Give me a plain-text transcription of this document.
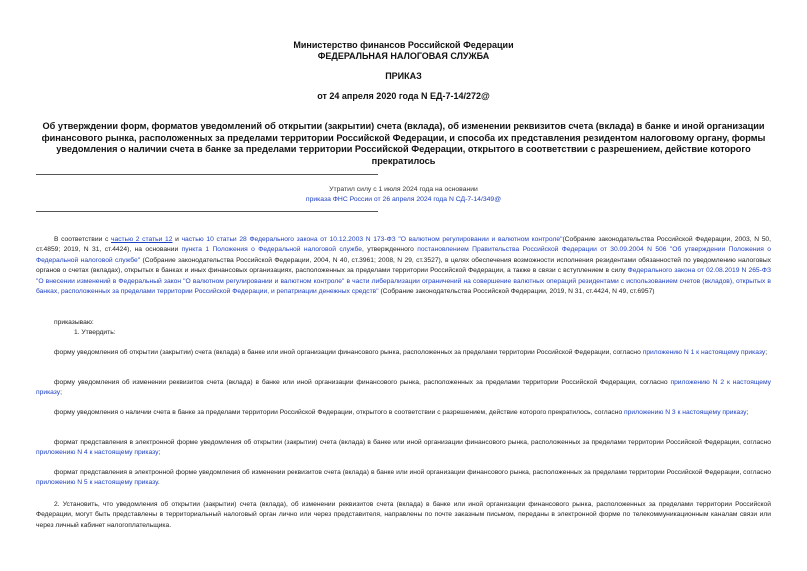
Министерство финансов Российской Федерации
ФЕДЕРАЛЬНАЯ НАЛОГОВАЯ СЛУЖБА
ПРИКАЗ
от 24 апреля 2020 года N ЕД-7-14/272@
Об утверждении форм, форматов уведомлений об открытии (закрытии) счета (вклада), об изменении реквизитов счета (вклада) в банке и иной организации финансового рынка, расположенных за пределами территории Российской Федерации, и способа их представления резидентом налоговому органу, формы уведомления о наличии счета в банке за пределами территории Российской Федерации, открытого в соответствии с разрешением, действие которого прекратилось
Утратил силу с 1 июля 2024 года на основании
приказа ФНС России от 26 апреля 2024 года N СД-7-14/349@
В соответствии с частью 2 статьи 12 и частью 10 статьи 28 Федерального закона от 10.12.2003 N 173-ФЗ "О валютном регулировании и валютном контроле"(Собрание законодательства Российской Федерации, 2003, N 50, ст.4859; 2019, N 31, ст.4424), на основании пункта 1 Положения о Федеральной налоговой службе, утвержденного постановлением Правительства Российской Федерации от 30.09.2004 N 506 "Об утверждении Положения о Федеральной налоговой службе" (Собрание законодательства Российской Федерации, 2004, N 40, ст.3961; 2008, N 29, ст.3527), в целях обеспечения возможности исполнения резидентами обязанностей по уведомлению налоговых органов о счетах (вкладах), открытых в банках и иных финансовых организациях, расположенных за пределами территории Российской Федерации, а также в связи с вступлением в силу Федерального закона от 02.08.2019 N 265-ФЗ "О внесении изменений в Федеральный закон "О валютном регулировании и валютном контроле" в части либерализации ограничений на совершение валютных операций резидентами с использованием счетов (вкладов), открытых в банках, расположенных за пределами территории Российской Федерации, и репатриации денежных средств" (Собрание законодательства Российской Федерации, 2019, N 31, ст.4424, N 49, ст.6957)
приказываю:
1. Утвердить:
форму уведомления об открытии (закрытии) счета (вклада) в банке или иной организации финансового рынка, расположенных за пределами территории Российской Федерации, согласно приложению N 1 к настоящему приказу;
форму уведомления об изменении реквизитов счета (вклада) в банке или иной организации финансового рынка, расположенных за пределами территории Российской Федерации, согласно приложению N 2 к настоящему приказу;
форму уведомления о наличии счета в банке за пределами территории Российской Федерации, открытого в соответствии с разрешением, действие которого прекратилось, согласно приложению N 3 к настоящему приказу;
формат представления в электронной форме уведомления об открытии (закрытии) счета (вклада) в банке или иной организации финансового рынка, расположенных за пределами территории Российской Федерации, согласно приложению N 4 к настоящему приказу;
формат представления в электронной форме уведомления об изменении реквизитов счета (вклада) в банке или иной организации финансового рынка, расположенных за пределами территории Российской Федерации, согласно приложению N 5 к настоящему приказу.
2. Установить, что уведомления об открытии (закрытии) счета (вклада), об изменении реквизитов счета (вклада) в банке или иной организации финансового рынка, расположенных за пределами территории Российской Федерации, могут быть представлены в территориальный налоговый орган лично или через представителя, направлены по почте заказным письмом, переданы в электронной форме по телекоммуникационным каналам связи или через личный кабинет налогоплательщика.
